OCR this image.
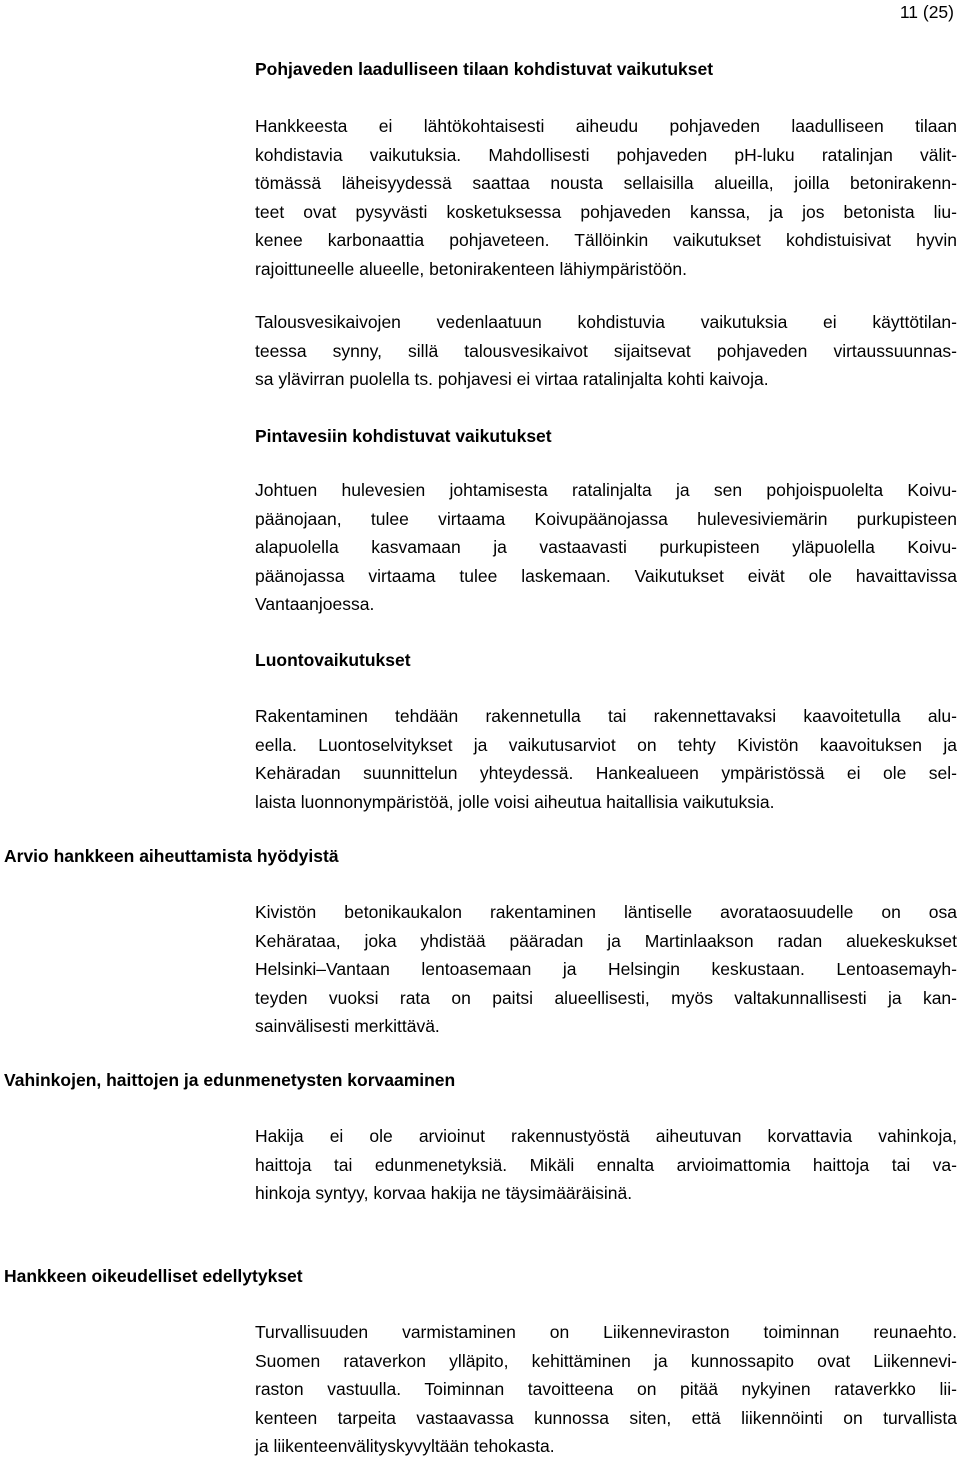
11 (25)
Pohjaveden laadulliseen tilaan kohdistuvat vaikutukset
Hankkeesta ei lähtökohtaisesti aiheudu pohjaveden laadulliseen tilaan
kohdistavia vaikutuksia. Mahdollisesti pohjaveden pH-luku ratalinjan välit-
tömässä läheisyydessä saattaa nousta sellaisilla alueilla, joilla betonirakenn-
teet ovat pysyvästi kosketuksessa pohjaveden kanssa, ja jos betonista liu-
kenee karbonaattia pohjaveteen. Tällöinkin vaikutukset kohdistuisivat hyvin
rajoittuneelle alueelle, betonirakenteen lähiympäristöön.
Talousvesikaivojen vedenlaatuun kohdistuvia vaikutuksia ei käyttötilan-
teessa synny, sillä talousvesikaivot sijaitsevat pohjaveden virtaussuunnas-
sa ylävirran puolella ts. pohjavesi ei virtaa ratalinjalta kohti kaivoja.
Pintavesiin kohdistuvat vaikutukset
Johtuen hulevesien johtamisesta ratalinjalta ja sen pohjoispuolelta Koivu-
päänojaan, tulee virtaama Koivupäänojassa hulevesiviemärin purkupisteen
alapuolella kasvamaan ja vastaavasti purkupisteen yläpuolella Koivu-
päänojassa virtaama tulee laskemaan. Vaikutukset eivät ole havaittavissa
Vantaanjoessa.
Luontovaikutukset
Rakentaminen tehdään rakennetulla tai rakennettavaksi kaavoitetulla alu-
eella. Luontoselvitykset ja vaikutusarviot on tehty Kivistön kaavoituksen ja
Kehäradan suunnittelun yhteydessä. Hankealueen ympäristössä ei ole sel-
laista luonnonympäristöä, jolle voisi aiheutua haitallisia vaikutuksia.
Arvio hankkeen aiheuttamista hyödyistä
Kivistön betonikaukalon rakentaminen läntiselle avorataosuudelle on osa
Kehärataa, joka yhdistää pääradan ja Martinlaakson radan aluekeskukset
Helsinki–Vantaan lentoasemaan ja Helsingin keskustaan. Lentoasemayh-
teyden vuoksi rata on paitsi alueellisesti, myös valtakunnallisesti ja kan-
sainvälisesti merkittävä.
Vahinkojen, haittojen ja edunmenetysten korvaaminen
Hakija ei ole arvioinut rakennustyöstä aiheutuvan korvattavia vahinkoja,
haittoja tai edunmenetyksiä. Mikäli ennalta arvioimattomia haittoja tai va-
hinkoja syntyy, korvaa hakija ne täysimääräisinä.
Hankkeen oikeudelliset edellytykset
Turvallisuuden varmistaminen on Liikenneviraston toiminnan reunaehto.
Suomen rataverkon ylläpito, kehittäminen ja kunnossapito ovat Liikennevi-
raston vastuulla. Toiminnan tavoitteena on pitää nykyinen rataverkko lii-
kenteen tarpeita vastaavassa kunnossa siten, että liikennöinti on turvallista
ja liikenteenvälityskyvyltään tehokasta.
